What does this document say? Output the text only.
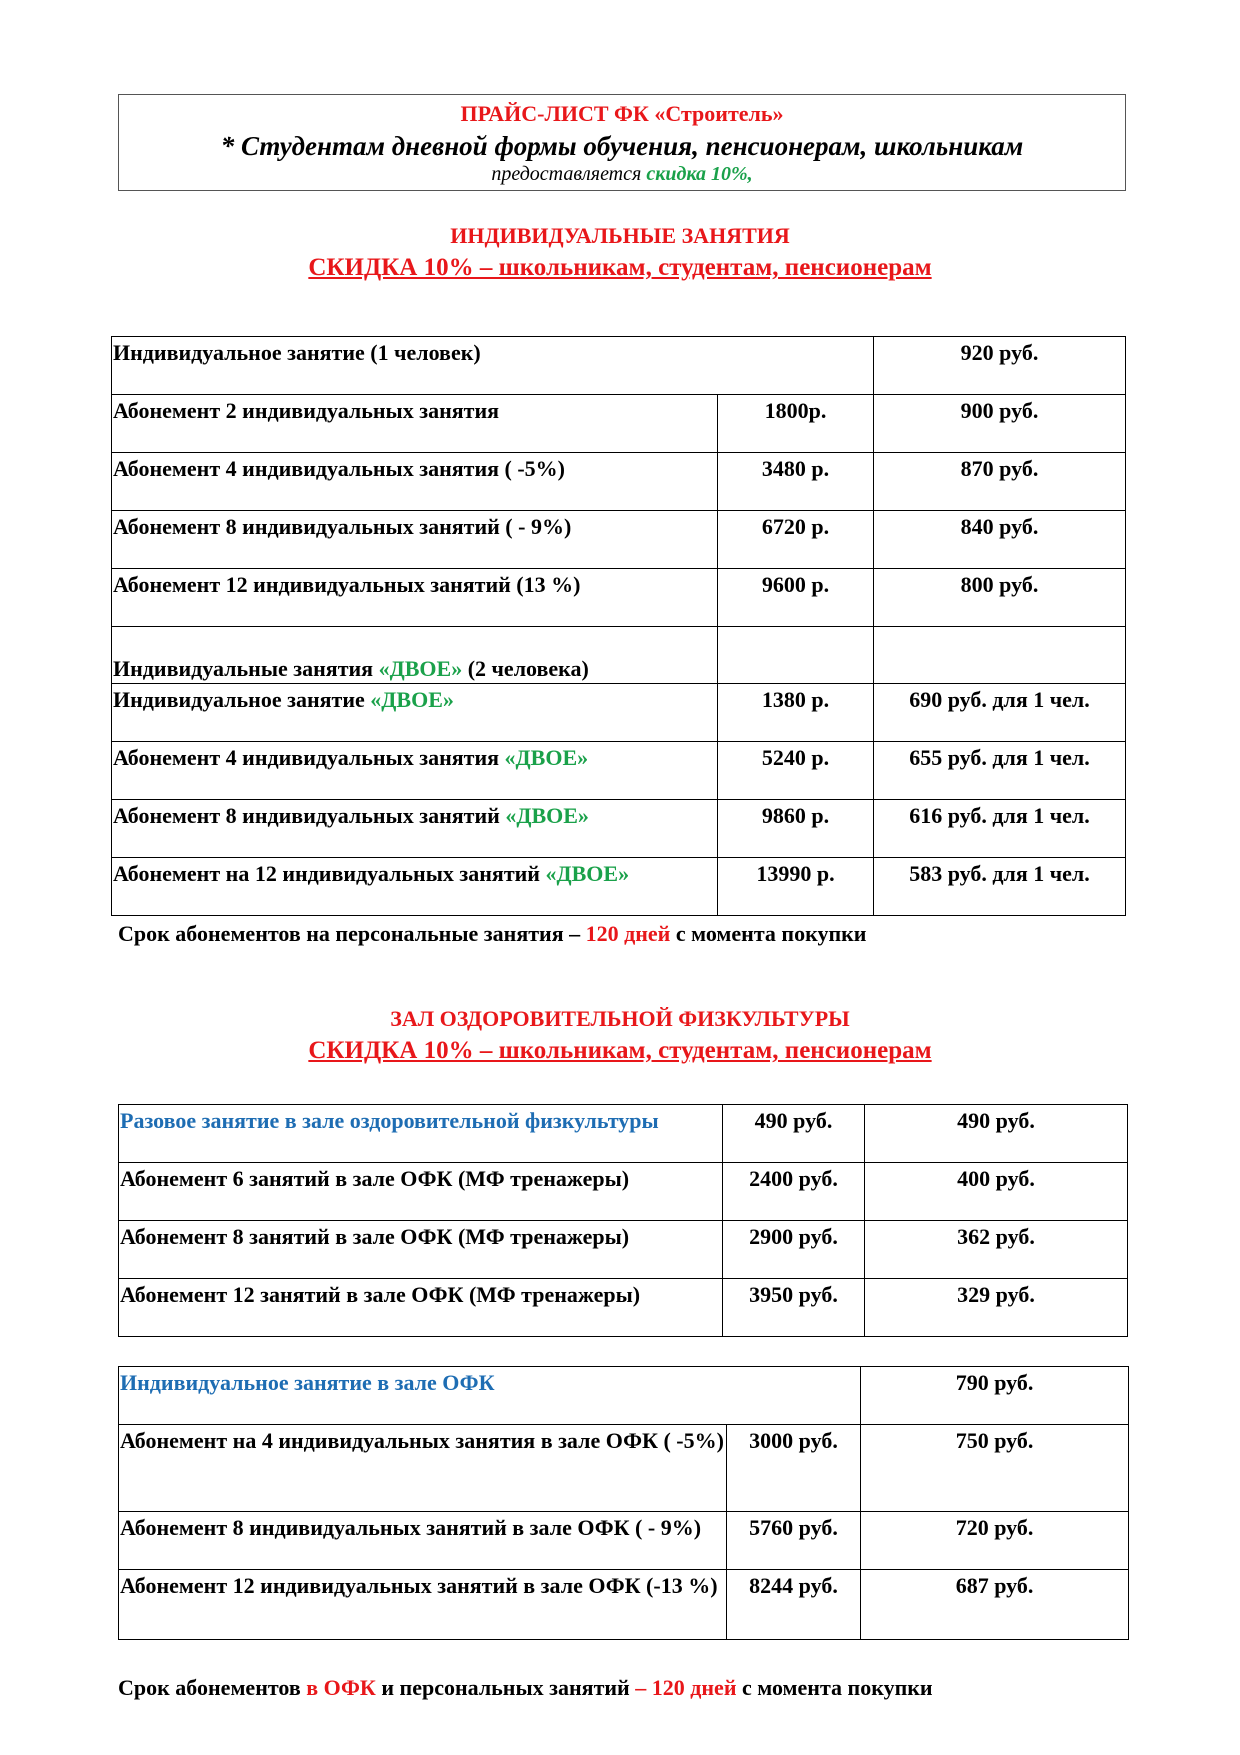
ПРАЙС-ЛИСТ ФК «Строитель»
* Студентам дневной формы обучения, пенсионерам, школьникам
предоставляется скидка 10%,
ИНДИВИДУАЛЬНЫЕ ЗАНЯТИЯ
СКИДКА 10% – школьникам, студентам, пенсионерам
Индивидуальное занятие (1 человек)		920 руб.
Абонемент 2 индивидуальных занятия	1800р.	900 руб.
Абонемент 4 индивидуальных занятия ( -5%)	3480 р.	870 руб.
Абонемент 8 индивидуальных занятий ( - 9%)	6720 р.	840 руб.
Абонемент 12 индивидуальных занятий (13 %)	9600 р.	800 руб.
Индивидуальные занятия «ДВОЕ» (2 человека)		
Индивидуальное занятие «ДВОЕ»	1380 р.	690 руб. для 1 чел.
Абонемент 4 индивидуальных занятия «ДВОЕ»	5240 р.	655 руб. для 1 чел.
Абонемент 8 индивидуальных занятий «ДВОЕ»	9860 р.	616 руб. для 1 чел.
Абонемент на 12 индивидуальных занятий «ДВОЕ»	13990 р.	583 руб. для 1 чел.
Срок абонементов на персональные занятия – 120 дней с момента покупки
ЗАЛ ОЗДОРОВИТЕЛЬНОЙ ФИЗКУЛЬТУРЫ
СКИДКА 10% – школьникам, студентам, пенсионерам
Разовое занятие в зале оздоровительной физкультуры	490 руб.	490 руб.
Абонемент 6 занятий в зале ОФК (МФ тренажеры)	2400 руб.	400 руб.
Абонемент 8 занятий в зале ОФК (МФ тренажеры)	2900 руб.	362 руб.
Абонемент 12 занятий в зале ОФК (МФ тренажеры)	3950 руб.	329 руб.
Индивидуальное занятие в зале ОФК		790 руб.
Абонемент на 4 индивидуальных занятия в зале ОФК ( -5%)	3000 руб.	750 руб.
Абонемент 8 индивидуальных занятий в зале ОФК ( - 9%)	5760 руб.	720 руб.
Абонемент 12 индивидуальных занятий в зале ОФК (-13 %)	8244 руб.	687 руб.
Срок абонементов в ОФК и персональных занятий – 120 дней с момента покупки
